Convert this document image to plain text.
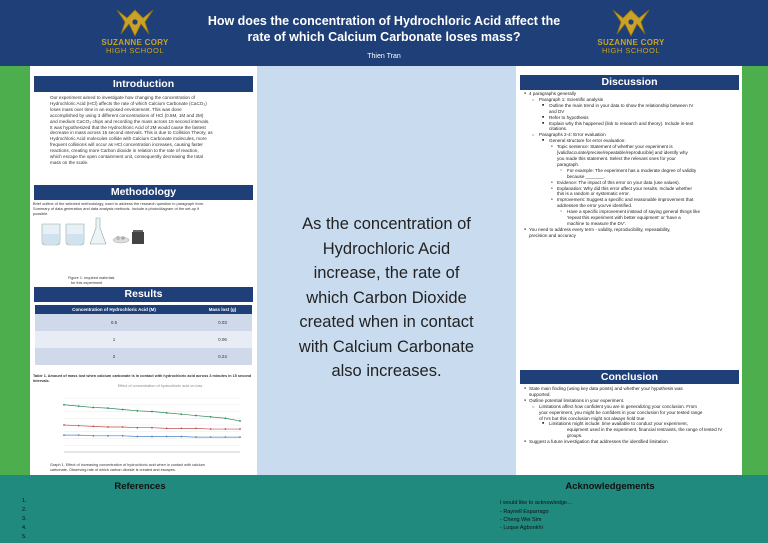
SUZANNE CORY
HIGH SCHOOL
How does the concentration of Hydrochloric Acid affect the
rate of which Calcium Carbonate loses mass?
Thien Tran
SUZANNE CORY
HIGH SCHOOL
Introduction
Our experiment aimed to investigate how changing the concentration of
Hydrochloric Acid (HCl) affects the rate of which Calcium Carbonate (CaCO₃)
loses mass over time in an exposed environment. This was done
accomplished by using 3 different concentrations of HCl (0.5M, 1M and 2M)
and medium CaCO₃ chips and recording the mass across 15 second intervals.
It was hypothesized that the Hydrochloric Acid of 2M would cause the fastest
decrease in mass across 15 second intervals. This is due to Collision Theory, as
Hydrochloric Acid molecules collide with Calcium Carbonate molecules, more
frequent collisions will occur as HCl concentration increases, causing faster
reactions, creating more Carbon dioxide in relation to the rate of reaction,
which escape the open containment unit, consequently decreasing the total
mass on the scale.
Methodology
Brief outline of the selected methodology, used to address the research question in paragraph form.
Summary of data generation and data analysis methods. Include a photo/diagram of the set-up if
possible.
Figure 1. required materials
for this experiment
Results
Concentration of Hydrochloric Acid (M)	Mass lost (g)
0.5	0.03
1	0.06
2	0.24
Table 1. Amount of mass lost when calcium carbonate is in contact with hydrochloric acid across 3 minutes in 15 second
intervals.
Effect of concentration of hydrochloric acid on loss
Graph 1. Effect of increasing concentration of hydrochloric acid when in contact with calcium
carbonate. Observing rate of which carbon dioxide is created and escapes.
As the concentration of
Hydrochloric Acid
increase, the rate of
which Carbon Dioxide
created when in contact
with Calcium Carbonate
also increases.
Discussion
● 4 paragraphs generally
○ Paragraph 1: Scientific analysis
■ Outline the main trend in your data to show the relationship between IV
and DV
■ Refer to hypothesis
■ Explain why this happened (link to research and theory). Include in-text
citations.
○ Paragraphs 2-4: Error evaluation
■ General structure for error evaluation:
● Topic sentence: Statement of whether your experiment is
[valid/accurate/precise/repeatable/reproducible] and identify why
you made this statement. Select the relevant ones for your
paragraph.
○ For example: The experiment has a moderate degree of validity
because _______.
● Evidence: The impact of this error on your data (use values).
● Explanation: Why did this error affect your results. Include whether
this is a random or systematic error.
● Improvement: Suggest a specific and reasonable improvement that
addresses the error you've identified.
○ Have a specific improvement instead of saying general things like
'repeat this experiment with better equipment' or 'have a
machine to measure the DV'.
● You need to address every term - validity, reproducibility, repeatability,
precision and accuracy
Conclusion
● State main finding (using key data points) and whether your hypothesis was
supported.
● Outline potential limitations in your experiment.
○ Limitations affect how confident you are in generalizing your conclusion. From
your experiment, you might be confident in your conclusion for your tested range
of IVs but this conclusion might not always hold true
■ Limitations might include: time available to conduct your experiment,
equipment used in the experiment, financial restraints, the range of tested IV
groups.
● Suggest a future investigation that addresses the identified limitation
References
1.
2.
3.
4.
5.
Acknowledgements
I would like to acknowledge…
- Raynell Esparrago
- Cheng Wei Sim
- Luque Agbonkhi
